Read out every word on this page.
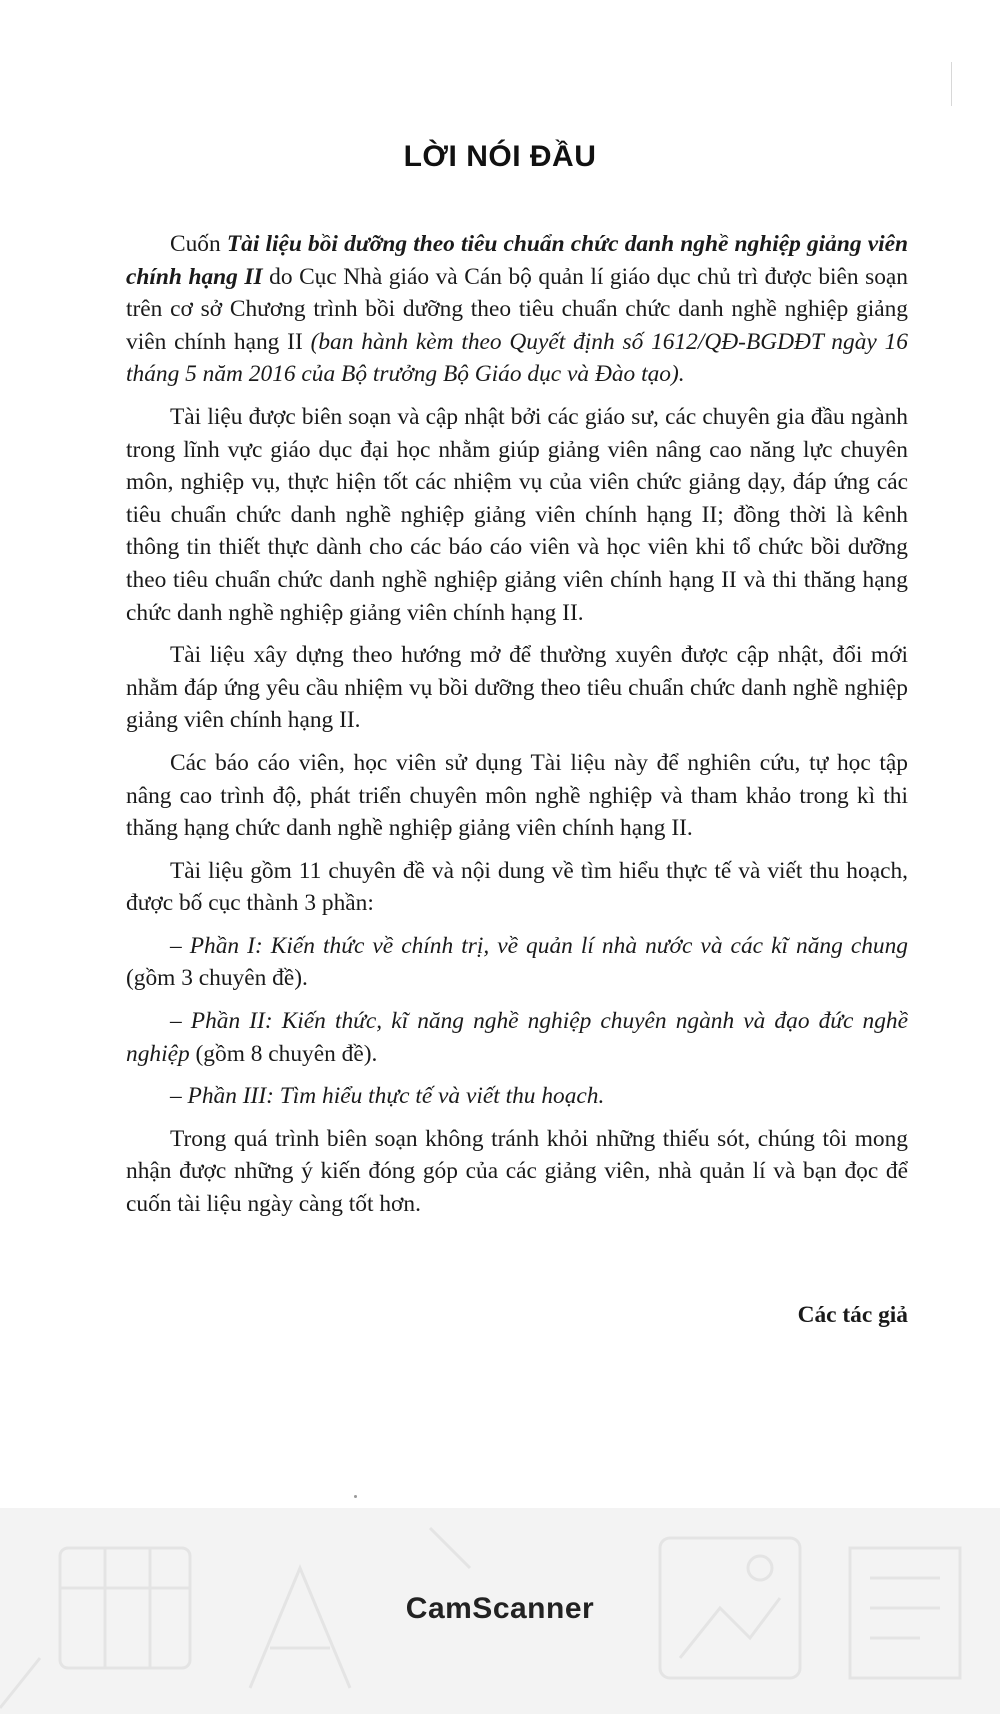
LỜI NÓI ĐẦU

Cuốn Tài liệu bồi dưỡng theo tiêu chuẩn chức danh nghề nghiệp giảng viên chính hạng II do Cục Nhà giáo và Cán bộ quản lí giáo dục chủ trì được biên soạn trên cơ sở Chương trình bồi dưỡng theo tiêu chuẩn chức danh nghề nghiệp giảng viên chính hạng II (ban hành kèm theo Quyết định số 1612/QĐ-BGDĐT ngày 16 tháng 5 năm 2016 của Bộ trưởng Bộ Giáo dục và Đào tạo).

Tài liệu được biên soạn và cập nhật bởi các giáo sư, các chuyên gia đầu ngành trong lĩnh vực giáo dục đại học nhằm giúp giảng viên nâng cao năng lực chuyên môn, nghiệp vụ, thực hiện tốt các nhiệm vụ của viên chức giảng dạy, đáp ứng các tiêu chuẩn chức danh nghề nghiệp giảng viên chính hạng II; đồng thời là kênh thông tin thiết thực dành cho các báo cáo viên và học viên khi tổ chức bồi dưỡng theo tiêu chuẩn chức danh nghề nghiệp giảng viên chính hạng II và thi thăng hạng chức danh nghề nghiệp giảng viên chính hạng II.

Tài liệu xây dựng theo hướng mở để thường xuyên được cập nhật, đổi mới nhằm đáp ứng yêu cầu nhiệm vụ bồi dưỡng theo tiêu chuẩn chức danh nghề nghiệp giảng viên chính hạng II.

Các báo cáo viên, học viên sử dụng Tài liệu này để nghiên cứu, tự học tập nâng cao trình độ, phát triển chuyên môn nghề nghiệp và tham khảo trong kì thi thăng hạng chức danh nghề nghiệp giảng viên chính hạng II.

Tài liệu gồm 11 chuyên đề và nội dung về tìm hiểu thực tế và viết thu hoạch, được bố cục thành 3 phần:

– Phần I: Kiến thức về chính trị, về quản lí nhà nước và các kĩ năng chung (gồm 3 chuyên đề).

– Phần II: Kiến thức, kĩ năng nghề nghiệp chuyên ngành và đạo đức nghề nghiệp (gồm 8 chuyên đề).

– Phần III: Tìm hiểu thực tế và viết thu hoạch.

Trong quá trình biên soạn không tránh khỏi những thiếu sót, chúng tôi mong nhận được những ý kiến đóng góp của các giảng viên, nhà quản lí và bạn đọc để cuốn tài liệu ngày càng tốt hơn.

Các tác giả
CamScanner
